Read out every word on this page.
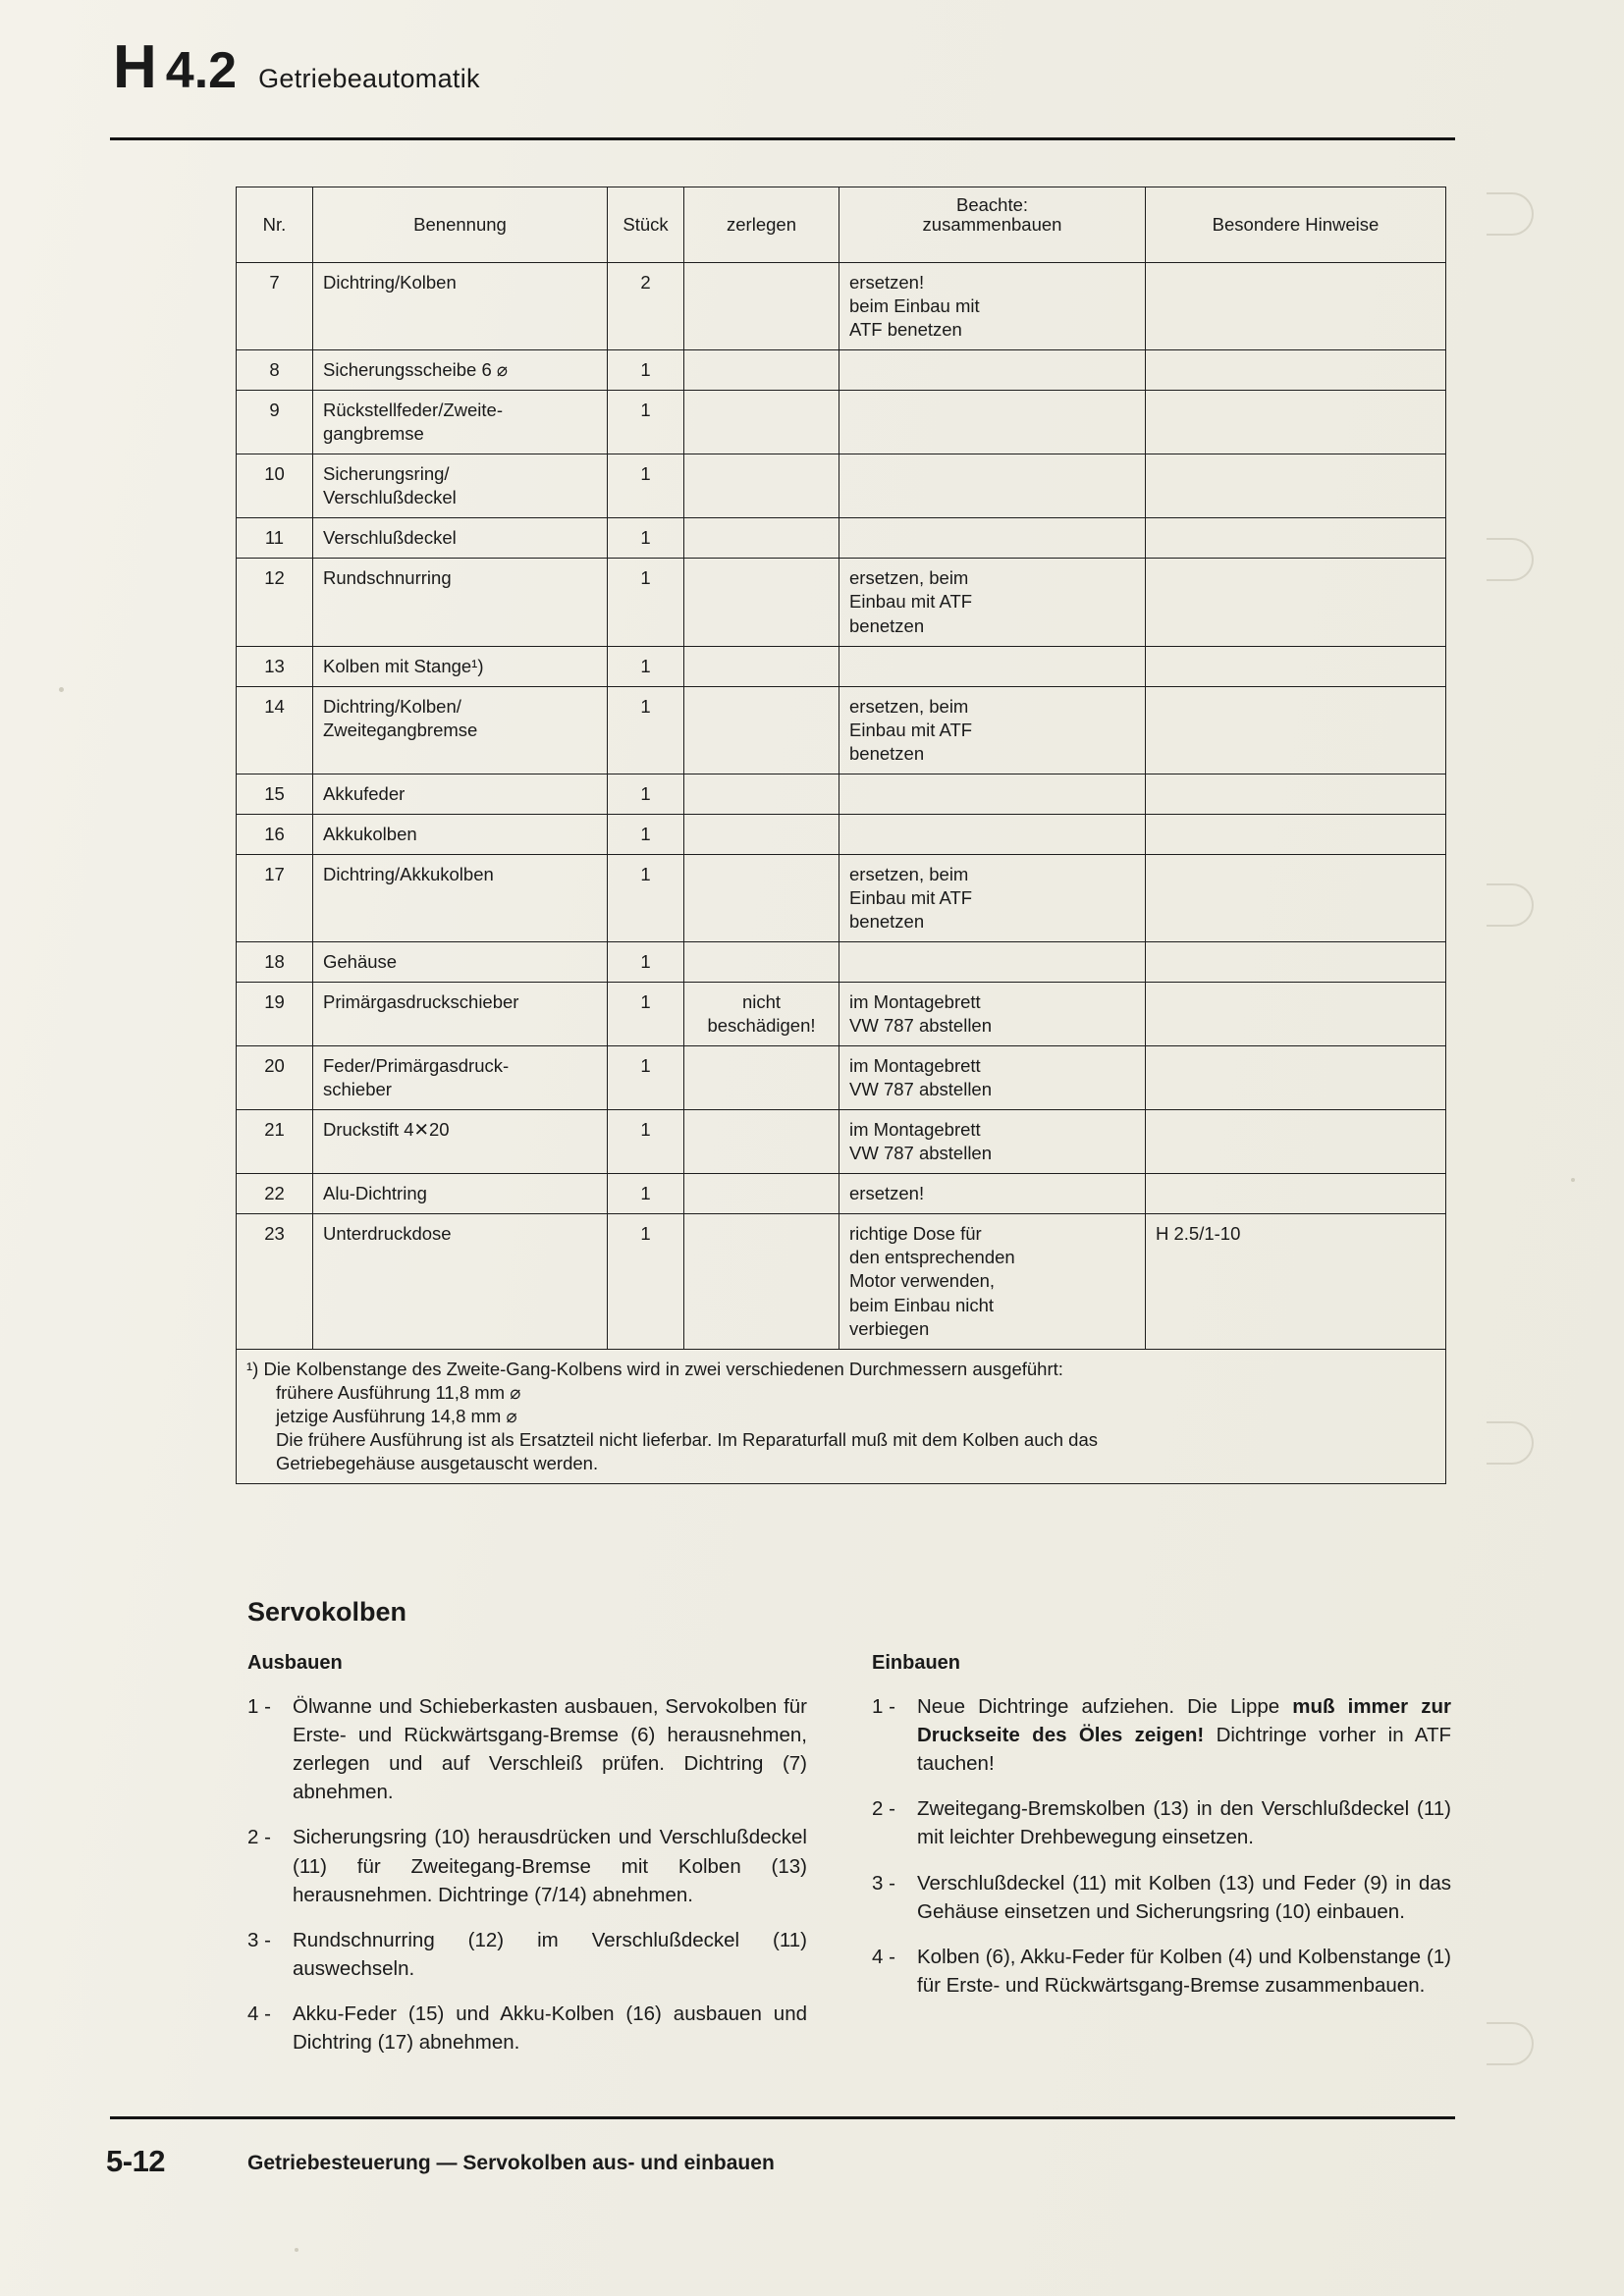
H 4.2 Getriebeautomatik
Nr.	Benennung	Stück	zerlegen	Beachte:
zusammenbauen	Besondere Hinweise
7	Dichtring/Kolben	2		ersetzen!
beim Einbau mit
ATF benetzen	
8	Sicherungsscheibe 6 ⌀	1			
9	Rückstellfeder/Zweite-
gangbremse	1			
10	Sicherungsring/
Verschlußdeckel	1			
11	Verschlußdeckel	1			
12	Rundschnurring	1		ersetzen, beim
Einbau mit ATF
benetzen	
13	Kolben mit Stange¹)	1			
14	Dichtring/Kolben/
Zweitegangbremse	1		ersetzen, beim
Einbau mit ATF
benetzen	
15	Akkufeder	1			
16	Akkukolben	1			
17	Dichtring/Akkukolben	1		ersetzen, beim
Einbau mit ATF
benetzen	
18	Gehäuse	1			
19	Primärgasdruckschieber	1	nicht beschädigen!	im Montagebrett
VW 787 abstellen	
20	Feder/Primärgasdruck-
schieber	1		im Montagebrett
VW 787 abstellen	
21	Druckstift 4✕20	1		im Montagebrett
VW 787 abstellen	
22	Alu-Dichtring	1		ersetzen!	
23	Unterdruckdose	1		richtige Dose für
den entsprechenden
Motor verwenden,
beim Einbau nicht
verbiegen	H 2.5/1-10
¹) Die Kolbenstange des Zweite-Gang-Kolbens wird in zwei verschiedenen Durchmessern ausgeführt:
frühere Ausführung 11,8 mm ⌀
jetzige Ausführung 14,8 mm ⌀
Die frühere Ausführung ist als Ersatzteil nicht lieferbar. Im Reparaturfall muß mit dem Kolben auch das
Getriebegehäuse ausgetauscht werden.					
Servokolben
Ausbauen
1 -	Ölwanne und Schieberkasten ausbauen, Servokolben für Erste- und Rückwärtsgang-Bremse (6) herausnehmen, zerlegen und auf Verschleiß prüfen. Dichtring (7) abnehmen.
2 -	Sicherungsring (10) herausdrücken und Verschlußdeckel (11) für Zweitegang-Bremse mit Kolben (13) herausnehmen. Dichtringe (7/14) abnehmen.
3 -	Rundschnurring (12) im Verschlußdeckel (11) auswechseln.
4 -	Akku-Feder (15) und Akku-Kolben (16) ausbauen und Dichtring (17) abnehmen.
Einbauen
1 -	Neue Dichtringe aufziehen. Die Lippe muß immer zur Druckseite des Öles zeigen! Dichtringe vorher in ATF tauchen!
2 -	Zweitegang-Bremskolben (13) in den Verschlußdeckel (11) mit leichter Drehbewegung einsetzen.
3 -	Verschlußdeckel (11) mit Kolben (13) und Feder (9) in das Gehäuse einsetzen und Sicherungsring (10) einbauen.
4 -	Kolben (6), Akku-Feder für Kolben (4) und Kolbenstange (1) für Erste- und Rückwärtsgang-Bremse zusammenbauen.
5-12	Getriebesteuerung — Servokolben aus- und einbauen
